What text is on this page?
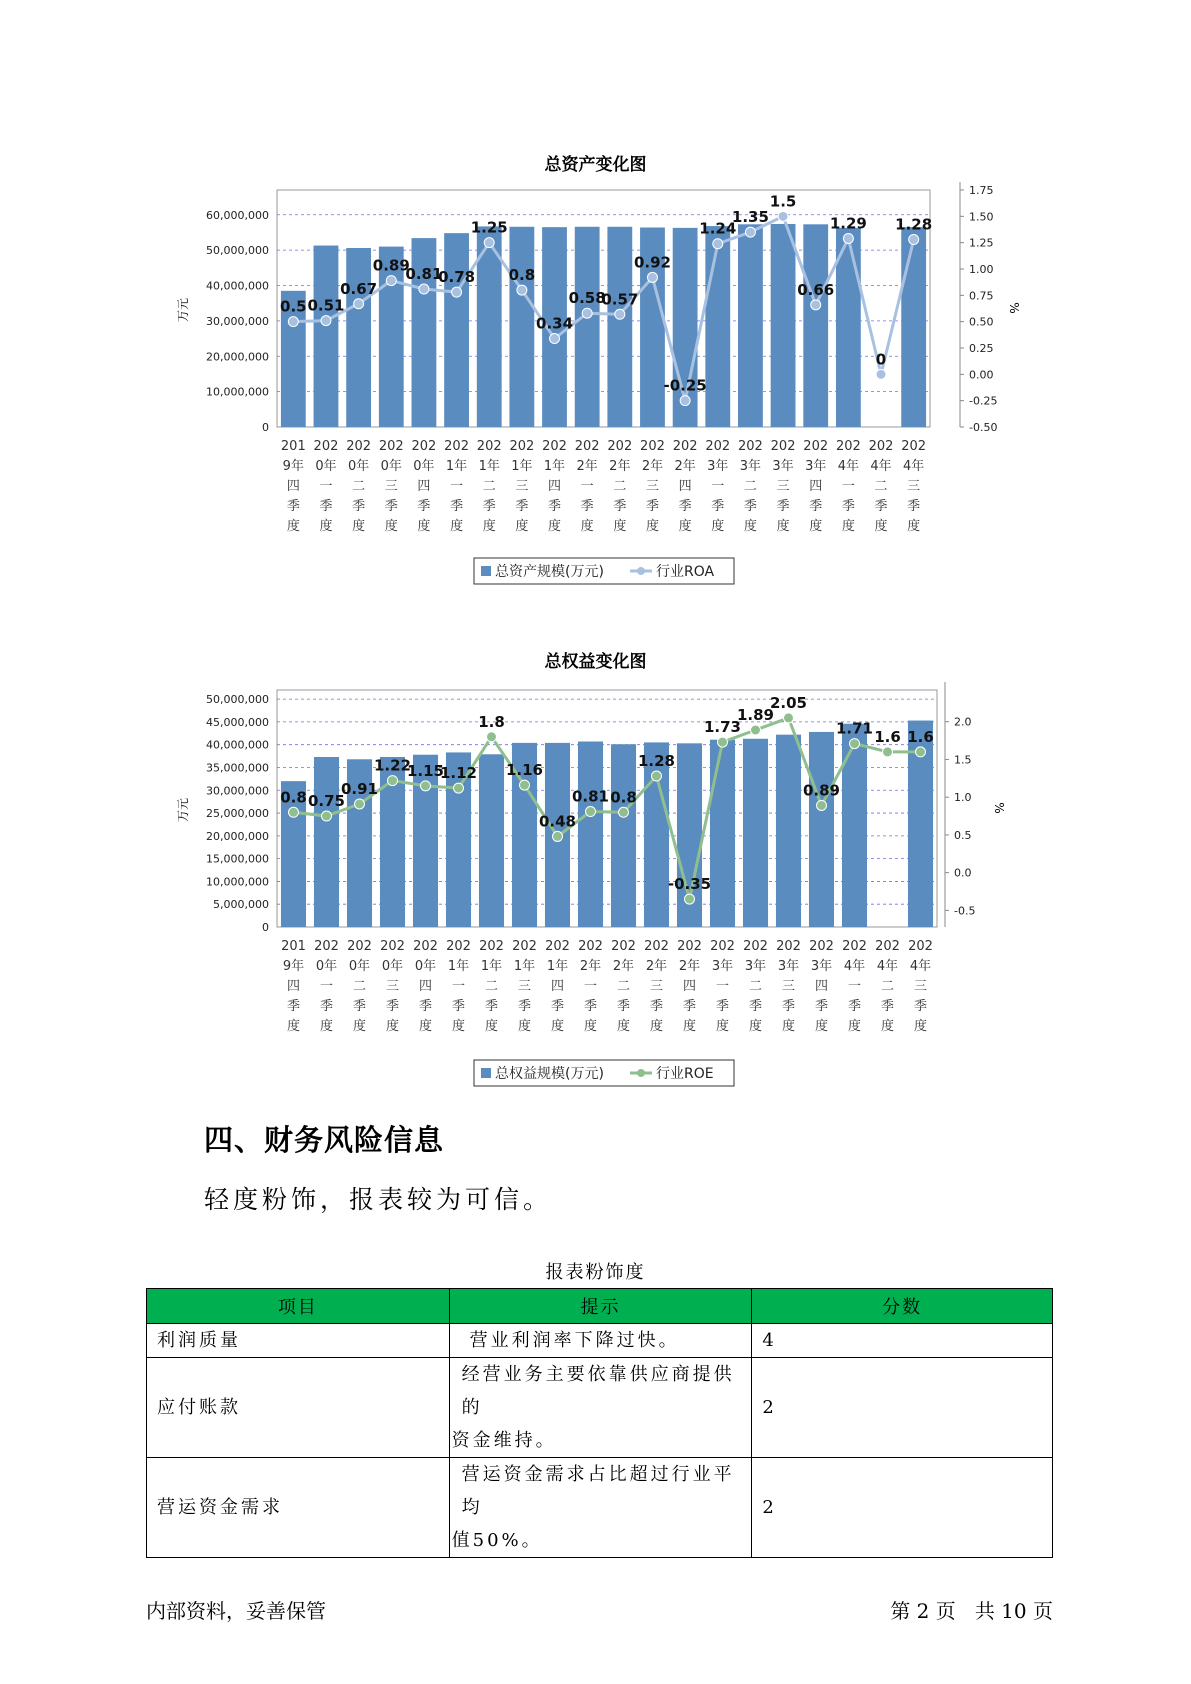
总资产变化图
0
10,000,000
20,000,000
30,000,000
40,000,000
50,000,000
60,000,000
-0.50
-0.25
0.00
0.25
0.50
0.75
1.00
1.25
1.50
1.75
万元	%
0.5 0.51
0.67
0.89
0.81
0.78
1.25
0.8
0.34
0.58
0.57
0.92
-0.25
1.24
1.35
1.5
0.66
1.29
0
1.28
201
9年
四
季
度
202
0年
一
季
度
202
0年
二
季
度
202
0年
三
季
度
202
0年
四
季
度
202
1年
一
季
度
202
1年
二
季
度
202
1年
三
季
度
202
1年
四
季
度
202
2年
一
季
度
202
2年
二
季
度
202
2年
三
季
度
202
2年
四
季
度
202
3年
一
季
度
202
3年
二
季
度
202
3年
三
季
度
202
3年
四
季
度
202
4年
一
季
度
202
4年
二
季
度
202
4年
三
季
度
总资产规模(万元)	行业ROA
总权益变化图
0
5,000,000
10,000,000
15,000,000
20,000,000
25,000,000
30,000,000
35,000,000
40,000,000
45,000,000
50,000,000
-0.5
0.0
0.5
1.0
1.5
2.0
万元	%
0.8 0.75
0.91
1.22
1.15
1.12
1.8
1.16
0.48
0.81 0.8
1.28
-0.35
1.73
1.89
2.05
0.89
1.71 1.6 1.6
201
9年
四
季
度
202
0年
一
季
度
202
0年
二
季
度
202
0年
三
季
度
202
0年
四
季
度
202
1年
一
季
度
202
1年
二
季
度
202
1年
三
季
度
202
1年
四
季
度
202
2年
一
季
度
202
2年
二
季
度
202
2年
三
季
度
202
2年
四
季
度
202
3年
一
季
度
202
3年
二
季
度
202
3年
三
季
度
202
3年
四
季
度
202
4年
一
季
度
202
4年
二
季
度
202
4年
三
季
度
总权益规模(万元)	行业ROE
四、财务风险信息
轻度粉饰，报表较为可信。
报表粉饰度
项目	提示	分数
利润质量	营业利润率下降过快。	4
应付账款	经营业务主要依靠供应商提供的
资金维持。	2
营运资金需求	营运资金需求占比超过行业平均
值50%。	2
内部资料，妥善保管	第 2 页   共 10 页
